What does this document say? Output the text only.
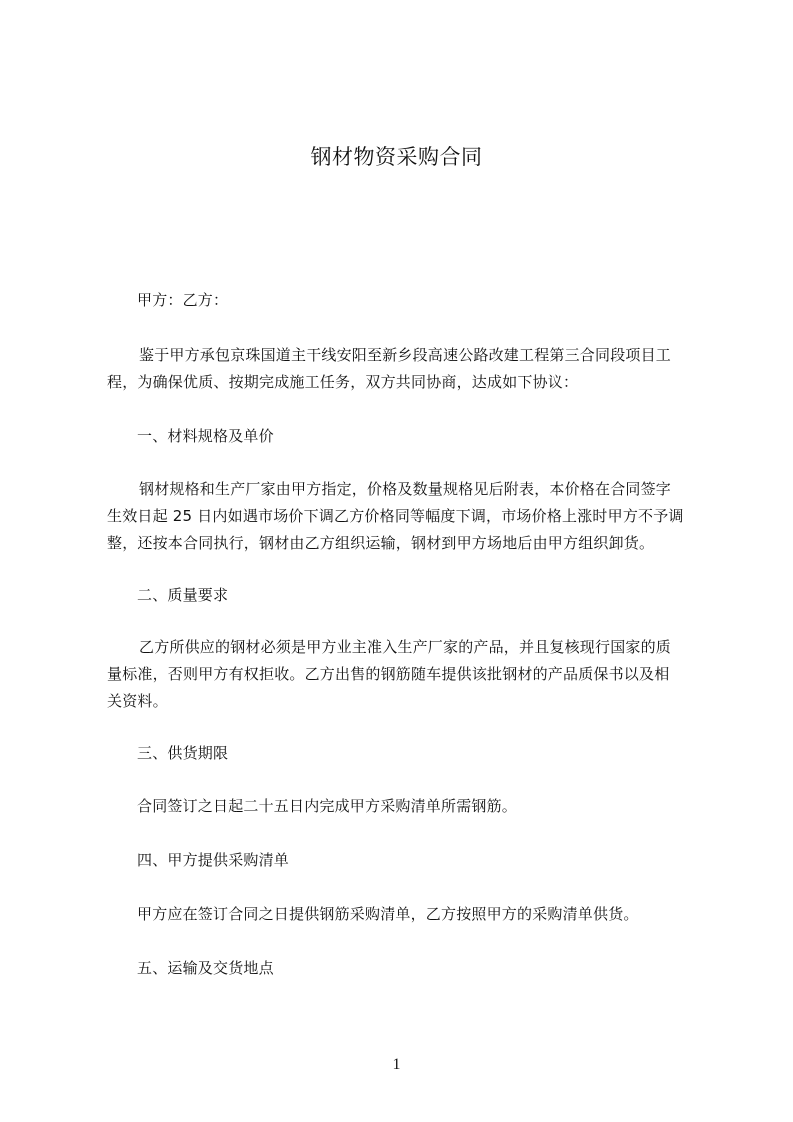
钢材物资采购合同
甲方：乙方：
鉴于甲方承包京珠国道主干线安阳至新乡段高速公路改建工程第三合同段项目工
程，为确保优质、按期完成施工任务，双方共同协商，达成如下协议：
一、材料规格及单价
钢材规格和生产厂家由甲方指定，价格及数量规格见后附表，本价格在合同签字
生效日起 25 日内如遇市场价下调乙方价格同等幅度下调，市场价格上涨时甲方不予调
整，还按本合同执行，钢材由乙方组织运输，钢材到甲方场地后由甲方组织卸货。
二、质量要求
乙方所供应的钢材必须是甲方业主准入生产厂家的产品，并且复核现行国家的质
量标准，否则甲方有权拒收。乙方出售的钢筋随车提供该批钢材的产品质保书以及相
关资料。
三、供货期限
合同签订之日起二十五日内完成甲方采购清单所需钢筋。
四、甲方提供采购清单
甲方应在签订合同之日提供钢筋采购清单，乙方按照甲方的采购清单供货。
五、运输及交货地点
1
